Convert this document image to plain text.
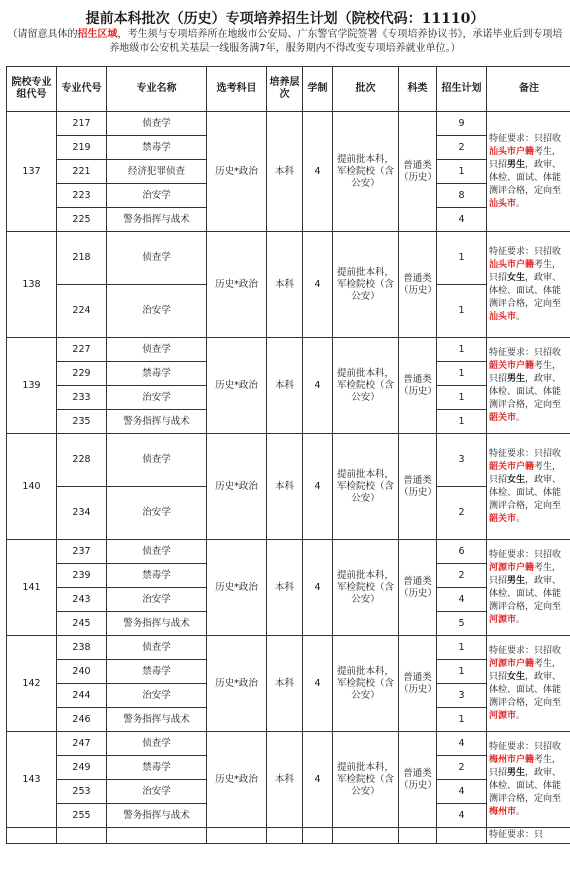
提前本科批次（历史）专项培养招生计划（院校代码：11110）
（请留意具体的招生区域，考生须与专项培养所在地级市公安局、广东警官学院签署《专项培养协议书》，承诺毕业后到专项培养地级市公安机关基层一线服务满7年，服务期内不得改变专项培养就业单位。）
院校专业组代号	专业代号	专业名称	选考科目	培养层次	学制	批次	科类	招生计划	备注
137	217	侦查学	历史*政治	本科	4	提前批本科，军检院校（含公安）	普通类（历史）	9	特征要求：只招收汕头市户籍考生，只招男生，政审、体检、面试、体能测评合格，定向至汕头市。
	219	禁毒学						2	
	221	经济犯罪侦查						1	
	223	治安学						8	
	225	警务指挥与战术						4	
138	218	侦查学	历史*政治	本科	4	提前批本科，军检院校（含公安）	普通类（历史）	1	特征要求：只招收汕头市户籍考生，只招女生，政审、体检、面试、体能测评合格，定向至汕头市。
	224	治安学						1	
139	227	侦查学	历史*政治	本科	4	提前批本科，军检院校（含公安）	普通类（历史）	1	特征要求：只招收韶关市户籍考生，只招男生，政审、体检、面试、体能测评合格，定向至韶关市。
	229	禁毒学						1	
	233	治安学						1	
	235	警务指挥与战术						1	
140	228	侦查学	历史*政治	本科	4	提前批本科，军检院校（含公安）	普通类（历史）	3	特征要求：只招收韶关市户籍考生，只招女生，政审、体检、面试、体能测评合格，定向至韶关市。
	234	治安学						2	
141	237	侦查学	历史*政治	本科	4	提前批本科，军检院校（含公安）	普通类（历史）	6	特征要求：只招收河源市户籍考生，只招男生，政审、体检、面试、体能测评合格，定向至河源市。
	239	禁毒学						2	
	243	治安学						4	
	245	警务指挥与战术						5	
142	238	侦查学	历史*政治	本科	4	提前批本科，军检院校（含公安）	普通类（历史）	1	特征要求：只招收河源市户籍考生，只招女生，政审、体检、面试、体能测评合格，定向至河源市。
	240	禁毒学						1	
	244	治安学						3	
	246	警务指挥与战术						1	
143	247	侦查学	历史*政治	本科	4	提前批本科，军检院校（含公安）	普通类（历史）	4	特征要求：只招收梅州市户籍考生，只招男生，政审、体检、面试、体能测评合格，定向至梅州市。
	249	禁毒学						2	
	253	治安学						4	
	255	警务指挥与战术						4	
									特征要求：只
